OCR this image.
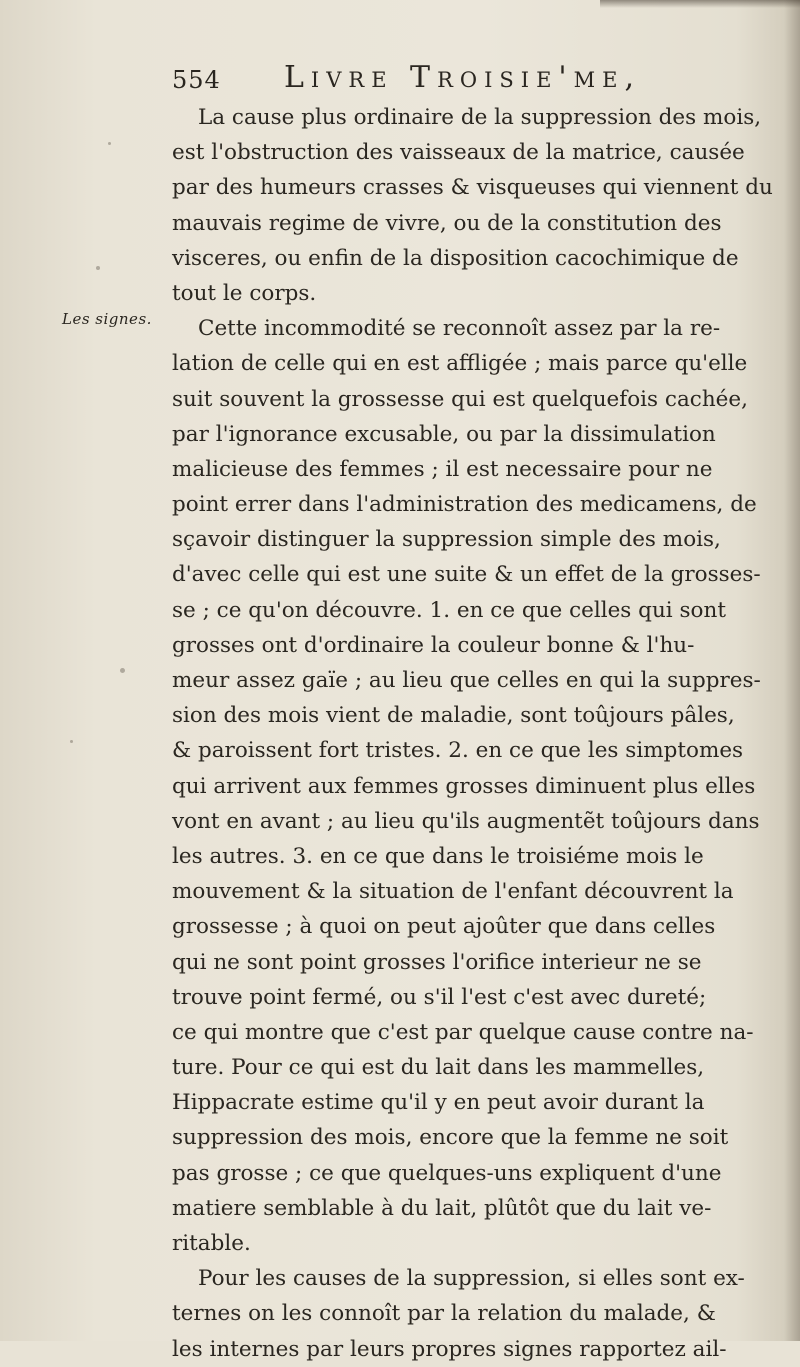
554 Livre Troisie'me,
Les signes.
La cause plus ordinaire de la suppression des mois,
est l'obstruction des vaisseaux de la matrice, causée
par des humeurs crasses & visqueuses qui viennent du
mauvais regime de vivre, ou de la constitution des
visceres, ou enfin de la disposition cacochimique de
tout le corps.
Cette incommodité se reconnoît assez par la re-
lation de celle qui en est affligée ; mais parce qu'elle
suit souvent la grossesse qui est quelquefois cachée,
par l'ignorance excusable, ou par la dissimulation
malicieuse des femmes ; il est necessaire pour ne
point errer dans l'administration des medicamens, de
sçavoir distinguer la suppression simple des mois,
d'avec celle qui est une suite & un effet de la grosses-
se ; ce qu'on découvre. 1. en ce que celles qui sont
grosses ont d'ordinaire la couleur bonne & l'hu-
meur assez gaïe ; au lieu que celles en qui la suppres-
sion des mois vient de maladie, sont toûjours pâles,
& paroissent fort tristes. 2. en ce que les simptomes
qui arrivent aux femmes grosses diminuent plus elles
vont en avant ; au lieu qu'ils augmentẽt toûjours dans
les autres. 3. en ce que dans le troisiéme mois le
mouvement & la situation de l'enfant découvrent la
grossesse ; à quoi on peut ajoûter que dans celles
qui ne sont point grosses l'orifice interieur ne se
trouve point fermé, ou s'il l'est c'est avec dureté;
ce qui montre que c'est par quelque cause contre na-
ture. Pour ce qui est du lait dans les mammelles,
Hippacrate estime qu'il y en peut avoir durant la
suppression des mois, encore que la femme ne soit
pas grosse ; ce que quelques-uns expliquent d'une
matiere semblable à du lait, plûtôt que du lait ve-
ritable.
Pour les causes de la suppression, si elles sont ex-
ternes on les connoît par la relation du malade, &
les internes par leurs propres signes rapportez ail-
